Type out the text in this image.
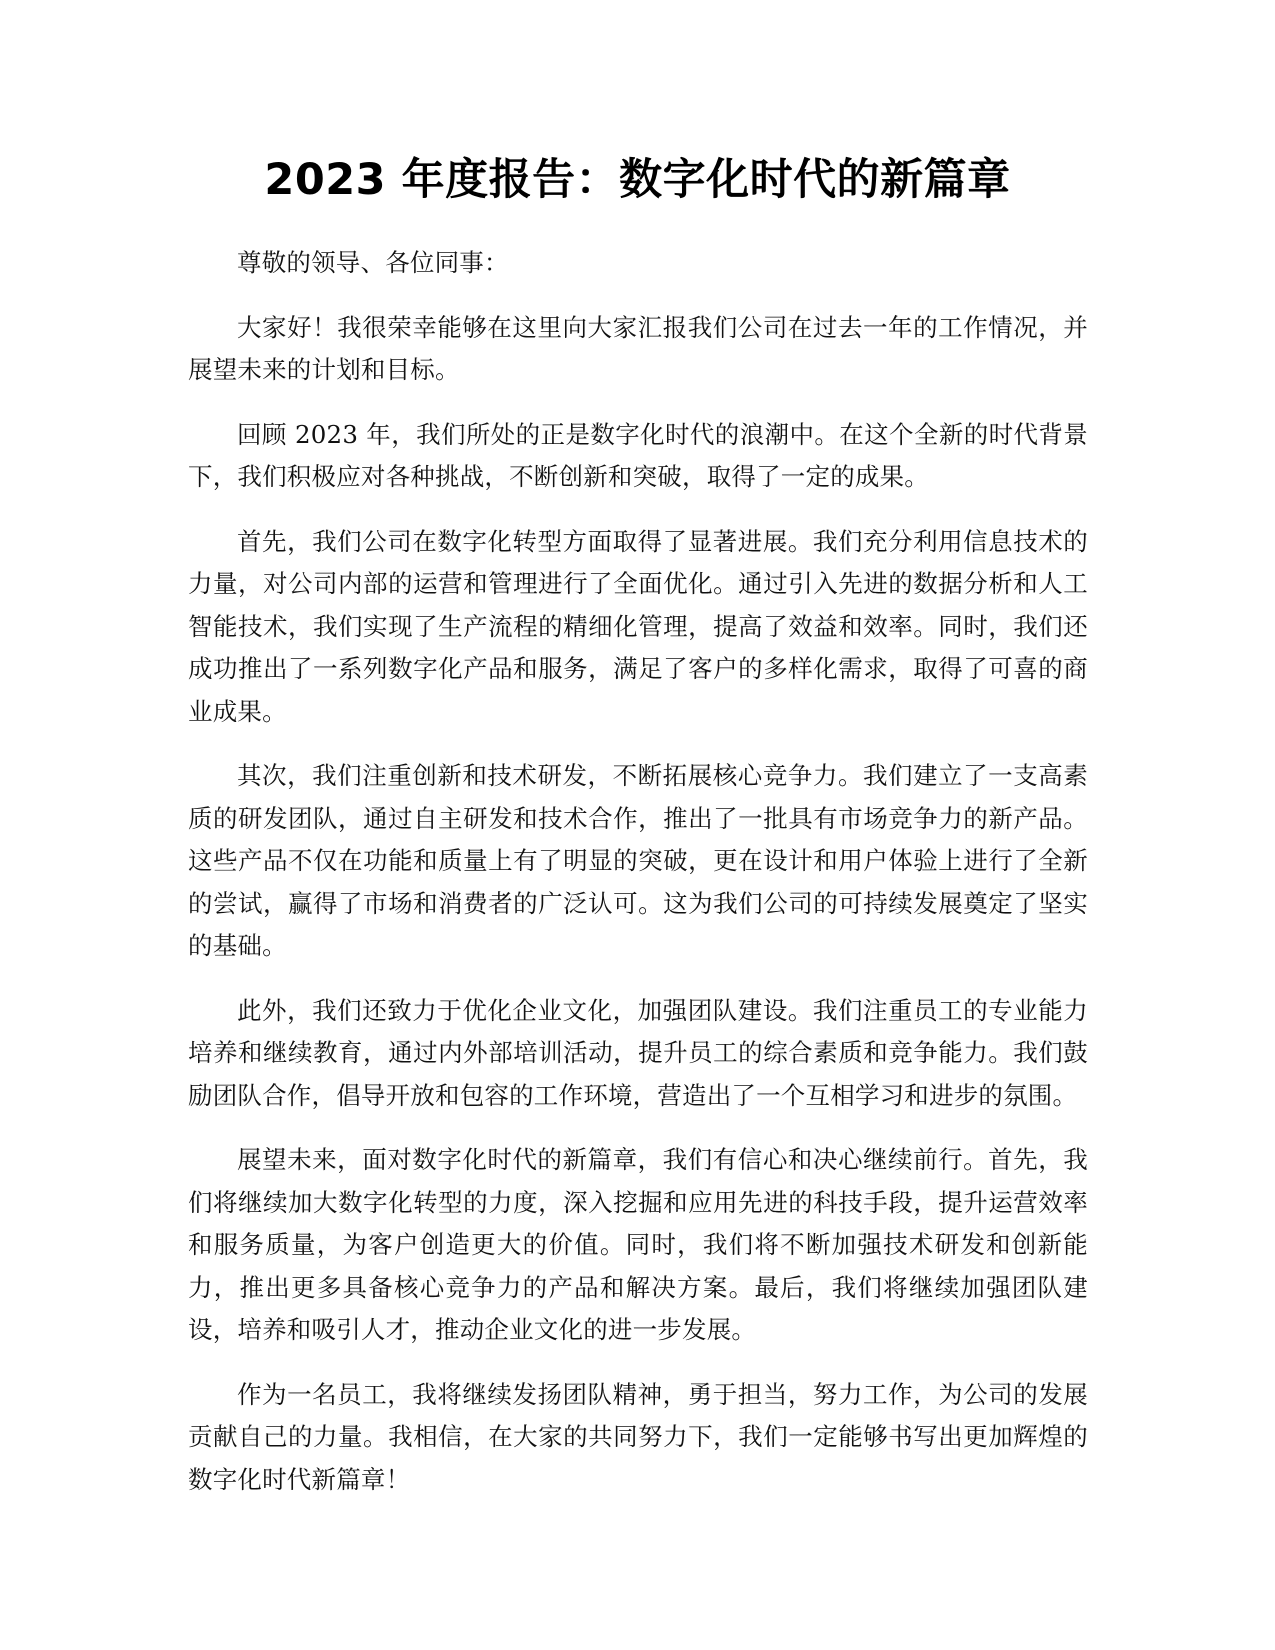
2023 年度报告：数字化时代的新篇章

尊敬的领导、各位同事：

大家好！我很荣幸能够在这里向大家汇报我们公司在过去一年的工作情况，并展望未来的计划和目标。

回顾 2023 年，我们所处的正是数字化时代的浪潮中。在这个全新的时代背景下，我们积极应对各种挑战，不断创新和突破，取得了一定的成果。

首先，我们公司在数字化转型方面取得了显著进展。我们充分利用信息技术的力量，对公司内部的运营和管理进行了全面优化。通过引入先进的数据分析和人工智能技术，我们实现了生产流程的精细化管理，提高了效益和效率。同时，我们还成功推出了一系列数字化产品和服务，满足了客户的多样化需求，取得了可喜的商业成果。

其次，我们注重创新和技术研发，不断拓展核心竞争力。我们建立了一支高素质的研发团队，通过自主研发和技术合作，推出了一批具有市场竞争力的新产品。这些产品不仅在功能和质量上有了明显的突破，更在设计和用户体验上进行了全新的尝试，赢得了市场和消费者的广泛认可。这为我们公司的可持续发展奠定了坚实的基础。

此外，我们还致力于优化企业文化，加强团队建设。我们注重员工的专业能力培养和继续教育，通过内外部培训活动，提升员工的综合素质和竞争能力。我们鼓励团队合作，倡导开放和包容的工作环境，营造出了一个互相学习和进步的氛围。

展望未来，面对数字化时代的新篇章，我们有信心和决心继续前行。首先，我们将继续加大数字化转型的力度，深入挖掘和应用先进的科技手段，提升运营效率和服务质量，为客户创造更大的价值。同时，我们将不断加强技术研发和创新能力，推出更多具备核心竞争力的产品和解决方案。最后，我们将继续加强团队建设，培养和吸引人才，推动企业文化的进一步发展。

作为一名员工，我将继续发扬团队精神，勇于担当，努力工作，为公司的发展贡献自己的力量。我相信，在大家的共同努力下，我们一定能够书写出更加辉煌的数字化时代新篇章！
